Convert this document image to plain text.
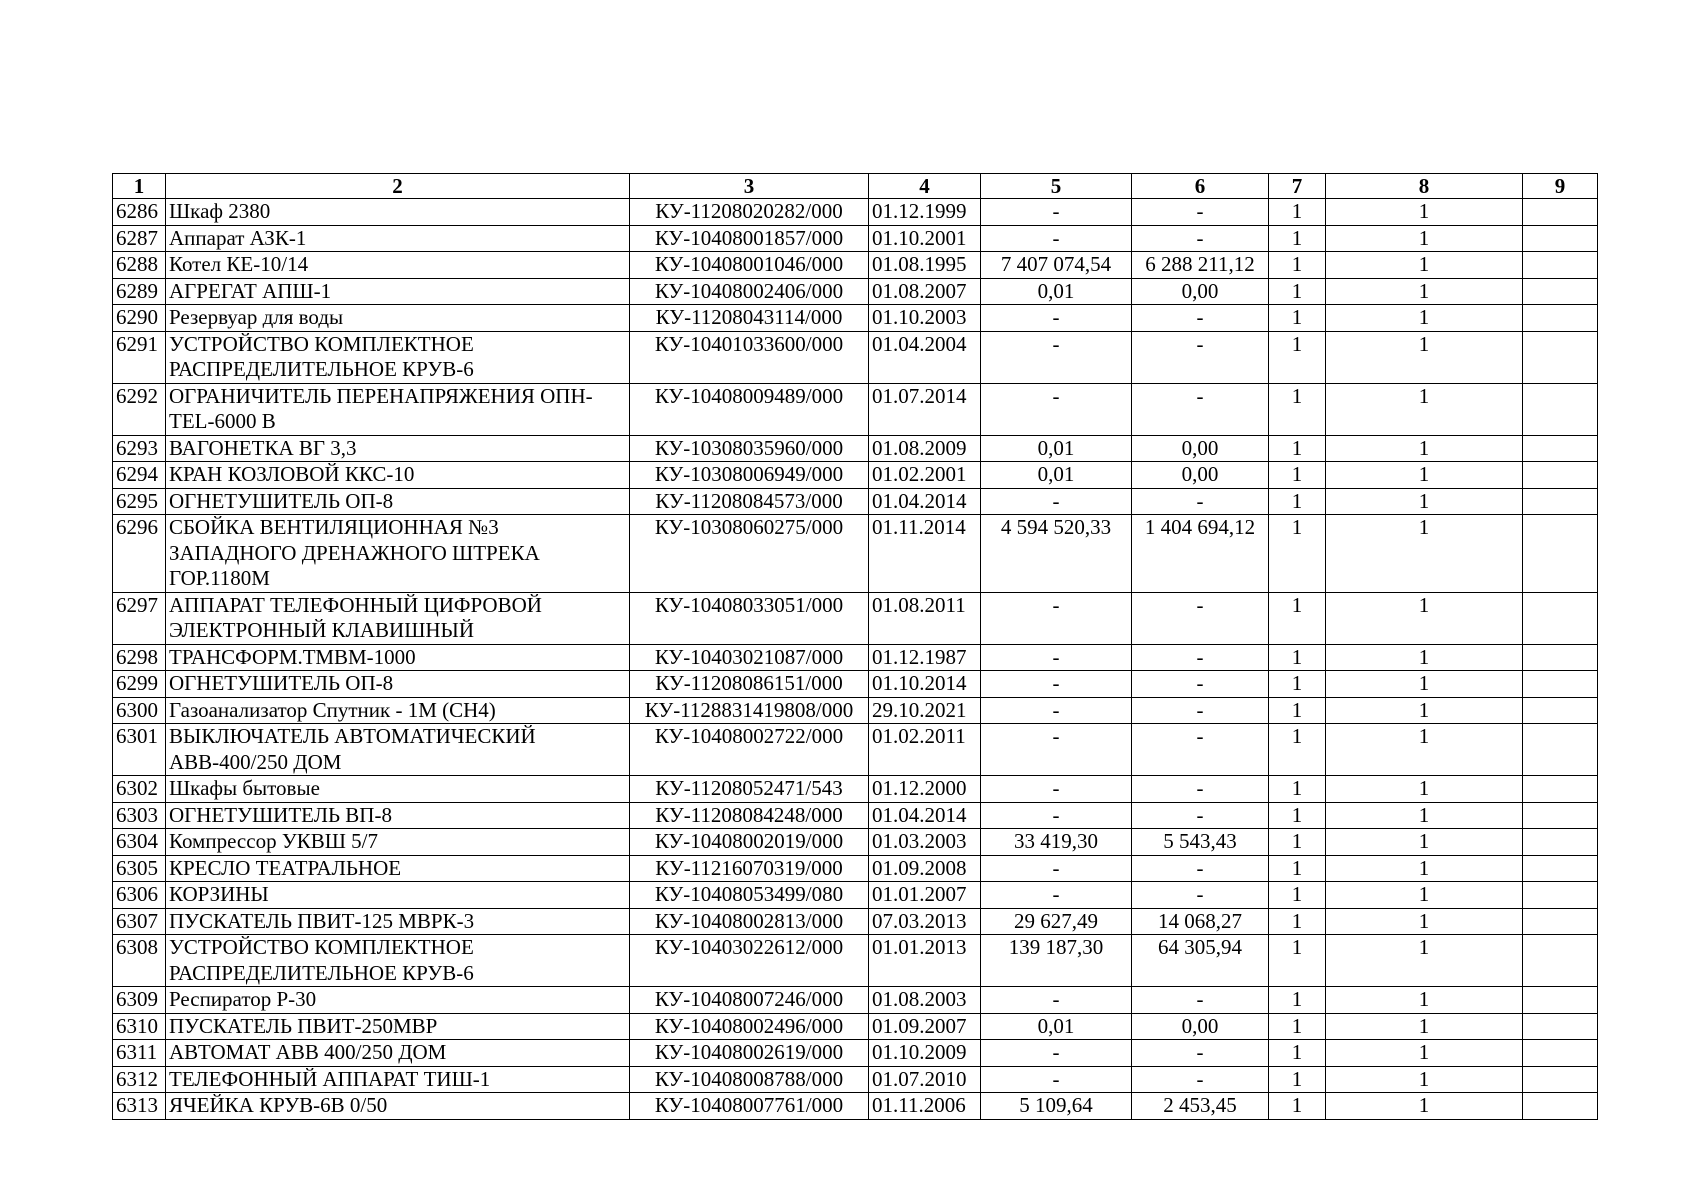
1	2	3	4	5	6	7	8	9
6286	Шкаф 2380	КУ-11208020282/000	01.12.1999	-	-	1	1	
6287	Аппарат АЗК-1	КУ-10408001857/000	01.10.2001	-	-	1	1	
6288	Котел КЕ-10/14	КУ-10408001046/000	01.08.1995	7 407 074,54	6 288 211,12	1	1	
6289	АГРЕГАТ АПШ-1	КУ-10408002406/000	01.08.2007	0,01	0,00	1	1	
6290	Резервуар для воды	КУ-11208043114/000	01.10.2003	-	-	1	1	
6291	УСТРОЙСТВО КОМПЛЕКТНОЕ РАСПРЕДЕЛИТЕЛЬНОЕ КРУВ-6	КУ-10401033600/000	01.04.2004	-	-	1	1	
6292	ОГРАНИЧИТЕЛЬ ПЕРЕНАПРЯЖЕНИЯ ОПН-TEL-6000 В	КУ-10408009489/000	01.07.2014	-	-	1	1	
6293	ВАГОНЕТКА ВГ 3,3	КУ-10308035960/000	01.08.2009	0,01	0,00	1	1	
6294	КРАН КОЗЛОВОЙ ККС-10	КУ-10308006949/000	01.02.2001	0,01	0,00	1	1	
6295	ОГНЕТУШИТЕЛЬ ОП-8	КУ-11208084573/000	01.04.2014	-	-	1	1	
6296	СБОЙКА ВЕНТИЛЯЦИОННАЯ №3 ЗАПАДНОГО ДРЕНАЖНОГО ШТРЕКА ГОР.1180М	КУ-10308060275/000	01.11.2014	4 594 520,33	1 404 694,12	1	1	
6297	АППАРАТ ТЕЛЕФОННЫЙ ЦИФРОВОЙ ЭЛЕКТРОННЫЙ КЛАВИШНЫЙ	КУ-10408033051/000	01.08.2011	-	-	1	1	
6298	ТРАНСФОРМ.ТМВМ-1000	КУ-10403021087/000	01.12.1987	-	-	1	1	
6299	ОГНЕТУШИТЕЛЬ ОП-8	КУ-11208086151/000	01.10.2014	-	-	1	1	
6300	Газоанализатор Спутник - 1М (СН4)	КУ-1128831419808/000	29.10.2021	-	-	1	1	
6301	ВЫКЛЮЧАТЕЛЬ АВТОМАТИЧЕСКИЙ АВВ-400/250 ДОМ	КУ-10408002722/000	01.02.2011	-	-	1	1	
6302	Шкафы бытовые	КУ-11208052471/543	01.12.2000	-	-	1	1	
6303	ОГНЕТУШИТЕЛЬ ВП-8	КУ-11208084248/000	01.04.2014	-	-	1	1	
6304	Компрессор УКВШ 5/7	КУ-10408002019/000	01.03.2003	33 419,30	5 543,43	1	1	
6305	КРЕСЛО ТЕАТРАЛЬНОЕ	КУ-11216070319/000	01.09.2008	-	-	1	1	
6306	КОРЗИНЫ	КУ-10408053499/080	01.01.2007	-	-	1	1	
6307	ПУСКАТЕЛЬ ПВИТ-125 МВРК-3	КУ-10408002813/000	07.03.2013	29 627,49	14 068,27	1	1	
6308	УСТРОЙСТВО КОМПЛЕКТНОЕ РАСПРЕДЕЛИТЕЛЬНОЕ КРУВ-6	КУ-10403022612/000	01.01.2013	139 187,30	64 305,94	1	1	
6309	Респиратор Р-30	КУ-10408007246/000	01.08.2003	-	-	1	1	
6310	ПУСКАТЕЛЬ ПВИТ-250МВР	КУ-10408002496/000	01.09.2007	0,01	0,00	1	1	
6311	АВТОМАТ АВВ 400/250 ДОМ	КУ-10408002619/000	01.10.2009	-	-	1	1	
6312	ТЕЛЕФОННЫЙ АППАРАТ ТИШ-1	КУ-10408008788/000	01.07.2010	-	-	1	1	
6313	ЯЧЕЙКА КРУВ-6В 0/50	КУ-10408007761/000	01.11.2006	5 109,64	2 453,45	1	1	
